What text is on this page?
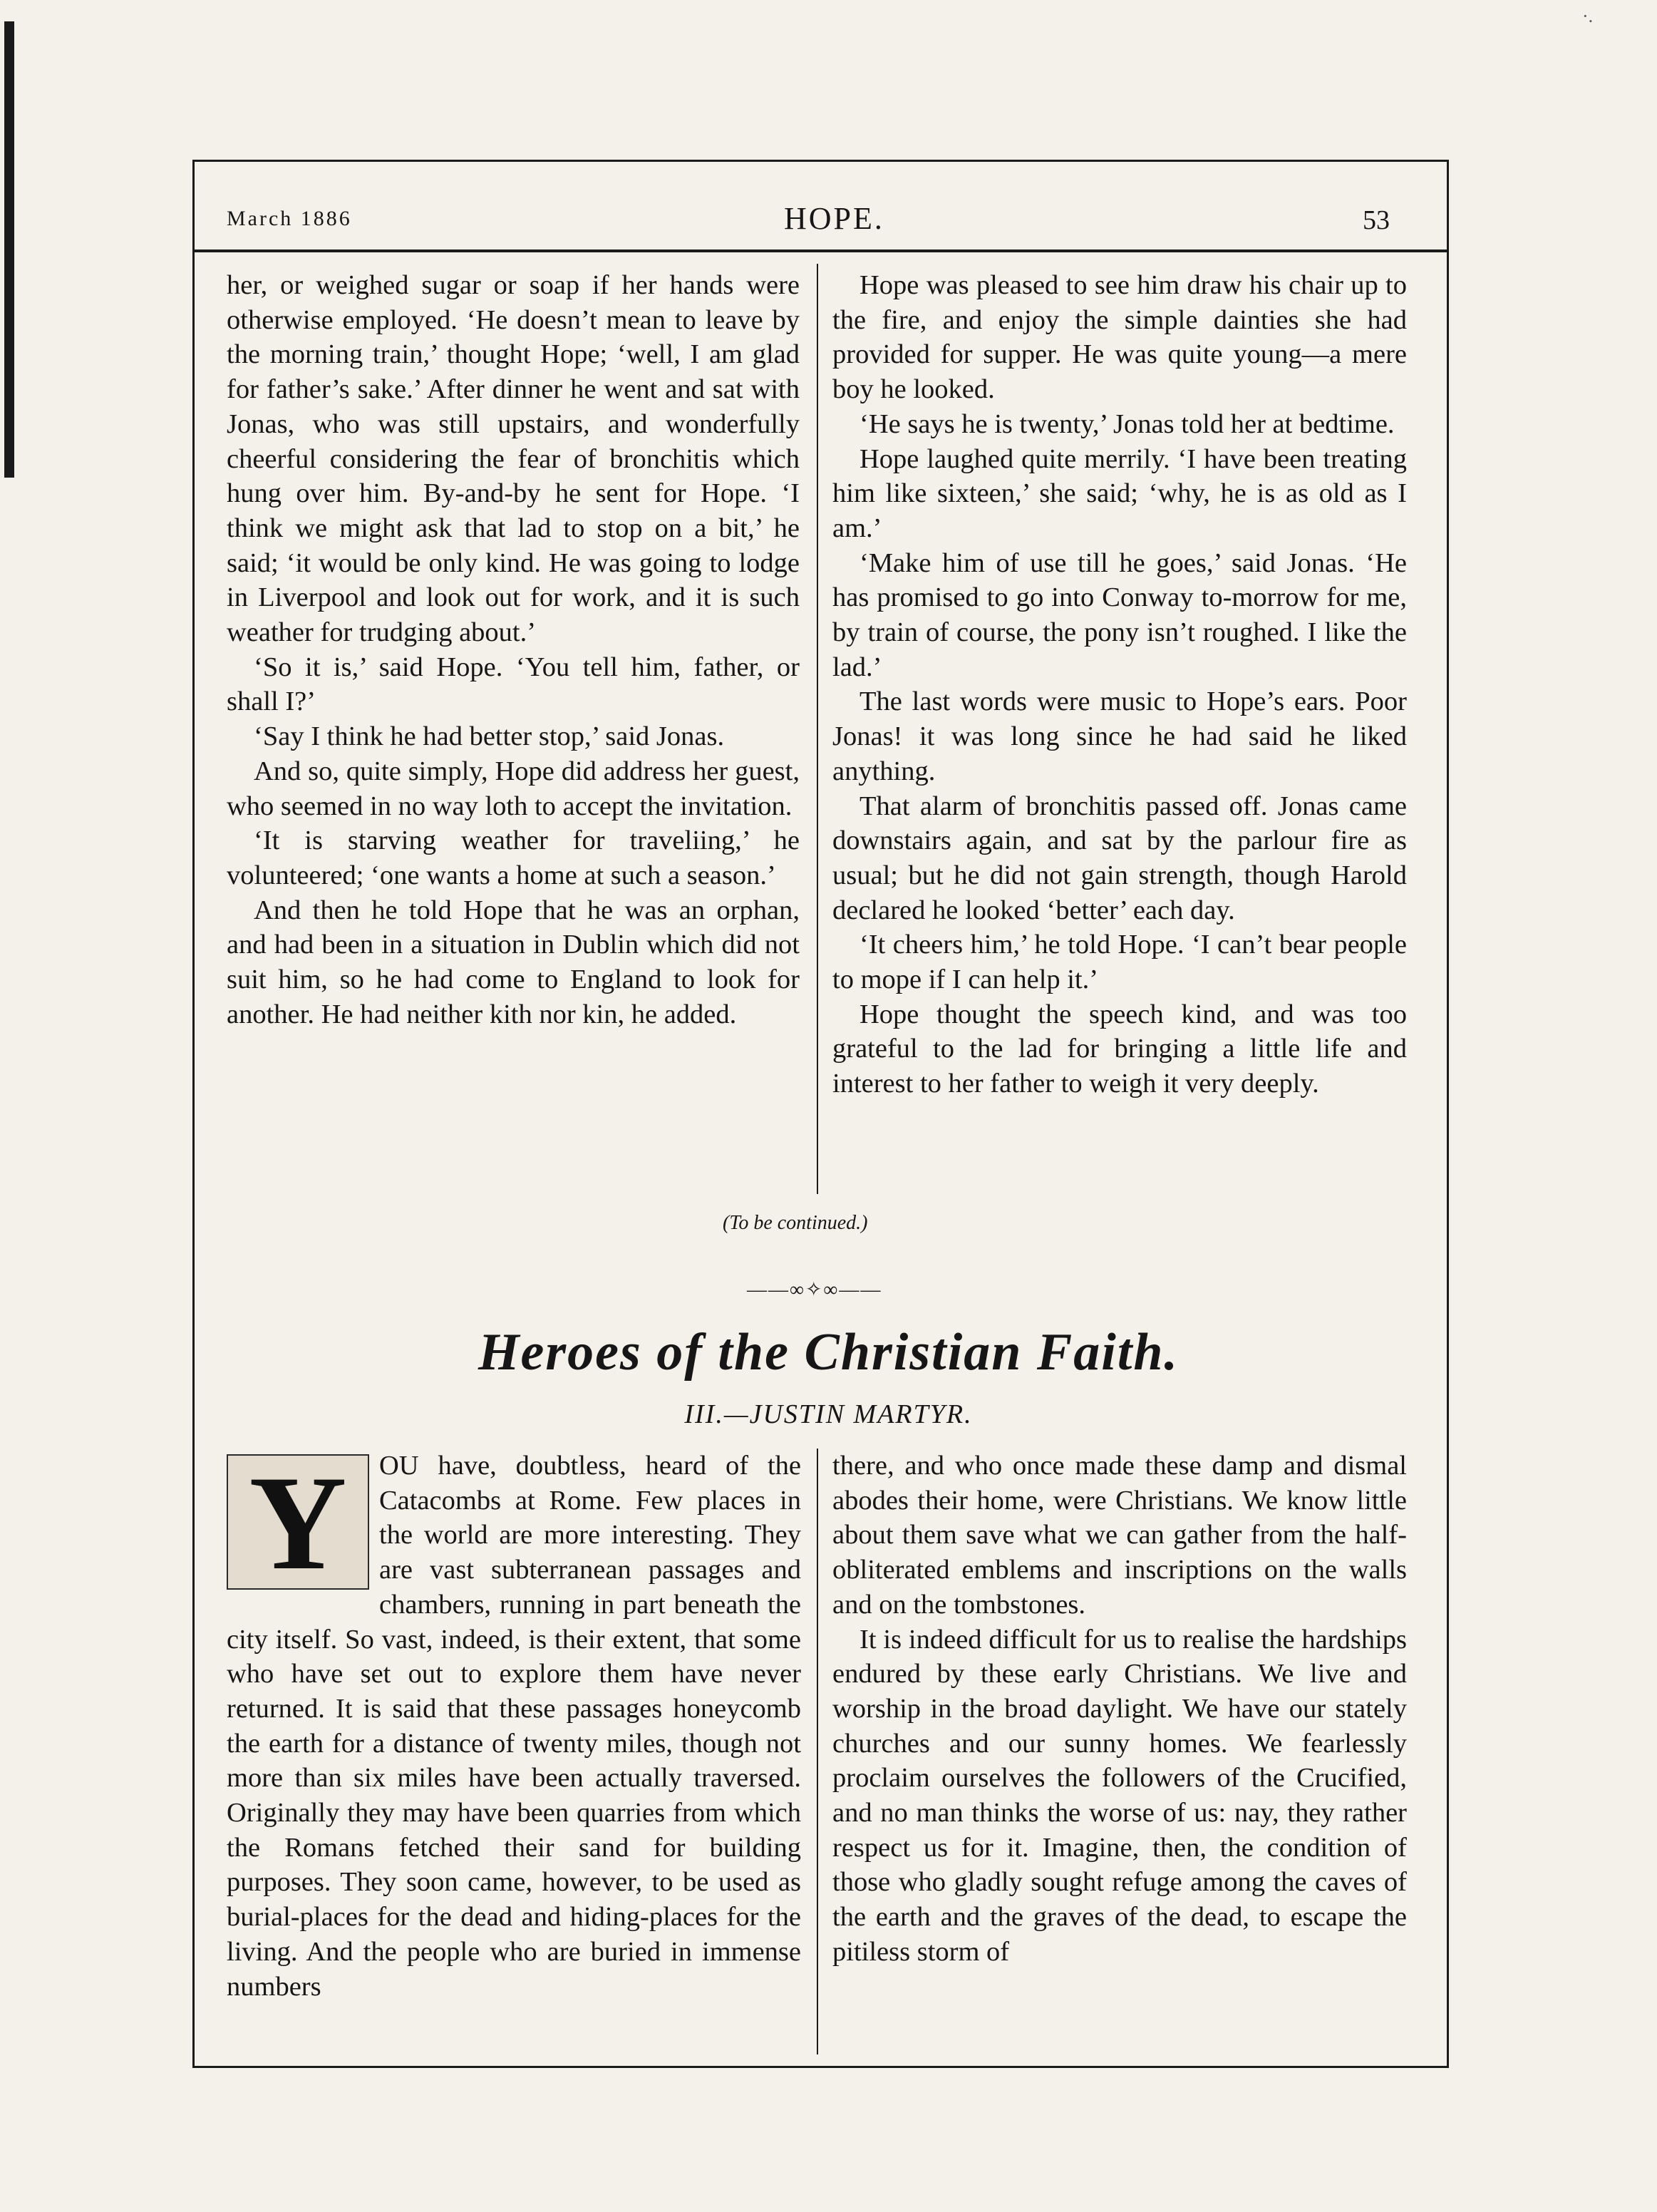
·.
March 1886	HOPE.	53

her, or weighed sugar or soap if her hands were otherwise employed. ‘He doesn’t mean to leave by the morning train,’ thought Hope; ‘well, I am glad for father’s sake.’ After dinner he went and sat with Jonas, who was still upstairs, and wonderfully cheerful considering the fear of bronchitis which hung over him. By-and-by he sent for Hope. ‘I think we might ask that lad to stop on a bit,’ he said; ‘it would be only kind. He was going to lodge in Liverpool and look out for work, and it is such weather for trudging about.’

‘So it is,’ said Hope. ‘You tell him, father, or shall I?’

‘Say I think he had better stop,’ said Jonas.

And so, quite simply, Hope did address her guest, who seemed in no way loth to accept the invitation.

‘It is starving weather for traveliing,’ he volunteered; ‘one wants a home at such a season.’

And then he told Hope that he was an orphan, and had been in a situation in Dublin which did not suit him, so he had come to England to look for another. He had neither kith nor kin, he added.

Hope was pleased to see him draw his chair up to the fire, and enjoy the simple dainties she had provided for supper. He was quite young—a mere boy he looked.

‘He says he is twenty,’ Jonas told her at bedtime.

Hope laughed quite merrily. ‘I have been treating him like sixteen,’ she said; ‘why, he is as old as I am.’

‘Make him of use till he goes,’ said Jonas. ‘He has promised to go into Conway to-morrow for me, by train of course, the pony isn’t roughed. I like the lad.’

The last words were music to Hope’s ears. Poor Jonas! it was long since he had said he liked anything.

That alarm of bronchitis passed off. Jonas came downstairs again, and sat by the parlour fire as usual; but he did not gain strength, though Harold declared he looked ‘better’ each day.

‘It cheers him,’ he told Hope. ‘I can’t bear people to mope if I can help it.’

Hope thought the speech kind, and was too grateful to the lad for bringing a little life and interest to her father to weigh it very deeply.

(To be continued.)
——∞✧∞——
Heroes of the Christian Faith.
III.—JUSTIN MARTYR.
Y	OU have, doubtless, heard of the Catacombs at Rome. Few places in the world are more interesting. They are vast subterranean passages and chambers, running in part beneath the city itself. So vast, indeed, is their extent, that some who have set out to explore them have never returned. It is said that these passages honeycomb the earth for a distance of twenty miles, though not more than six miles have been actually traversed. Originally they may have been quarries from which the Romans fetched their sand for building purposes. They soon came, however, to be used as burial-places for the dead and hiding-places for the living. And the people who are buried in immense numbers

there, and who once made these damp and dismal abodes their home, were Christians. We know little about them save what we can gather from the half-obliterated emblems and inscriptions on the walls and on the tombstones.

It is indeed difficult for us to realise the hardships endured by these early Christians. We live and worship in the broad daylight. We have our stately churches and our sunny homes. We fearlessly proclaim ourselves the followers of the Crucified, and no man thinks the worse of us: nay, they rather respect us for it. Imagine, then, the condition of those who gladly sought refuge among the caves of the earth and the graves of the dead, to escape the pitiless storm of
